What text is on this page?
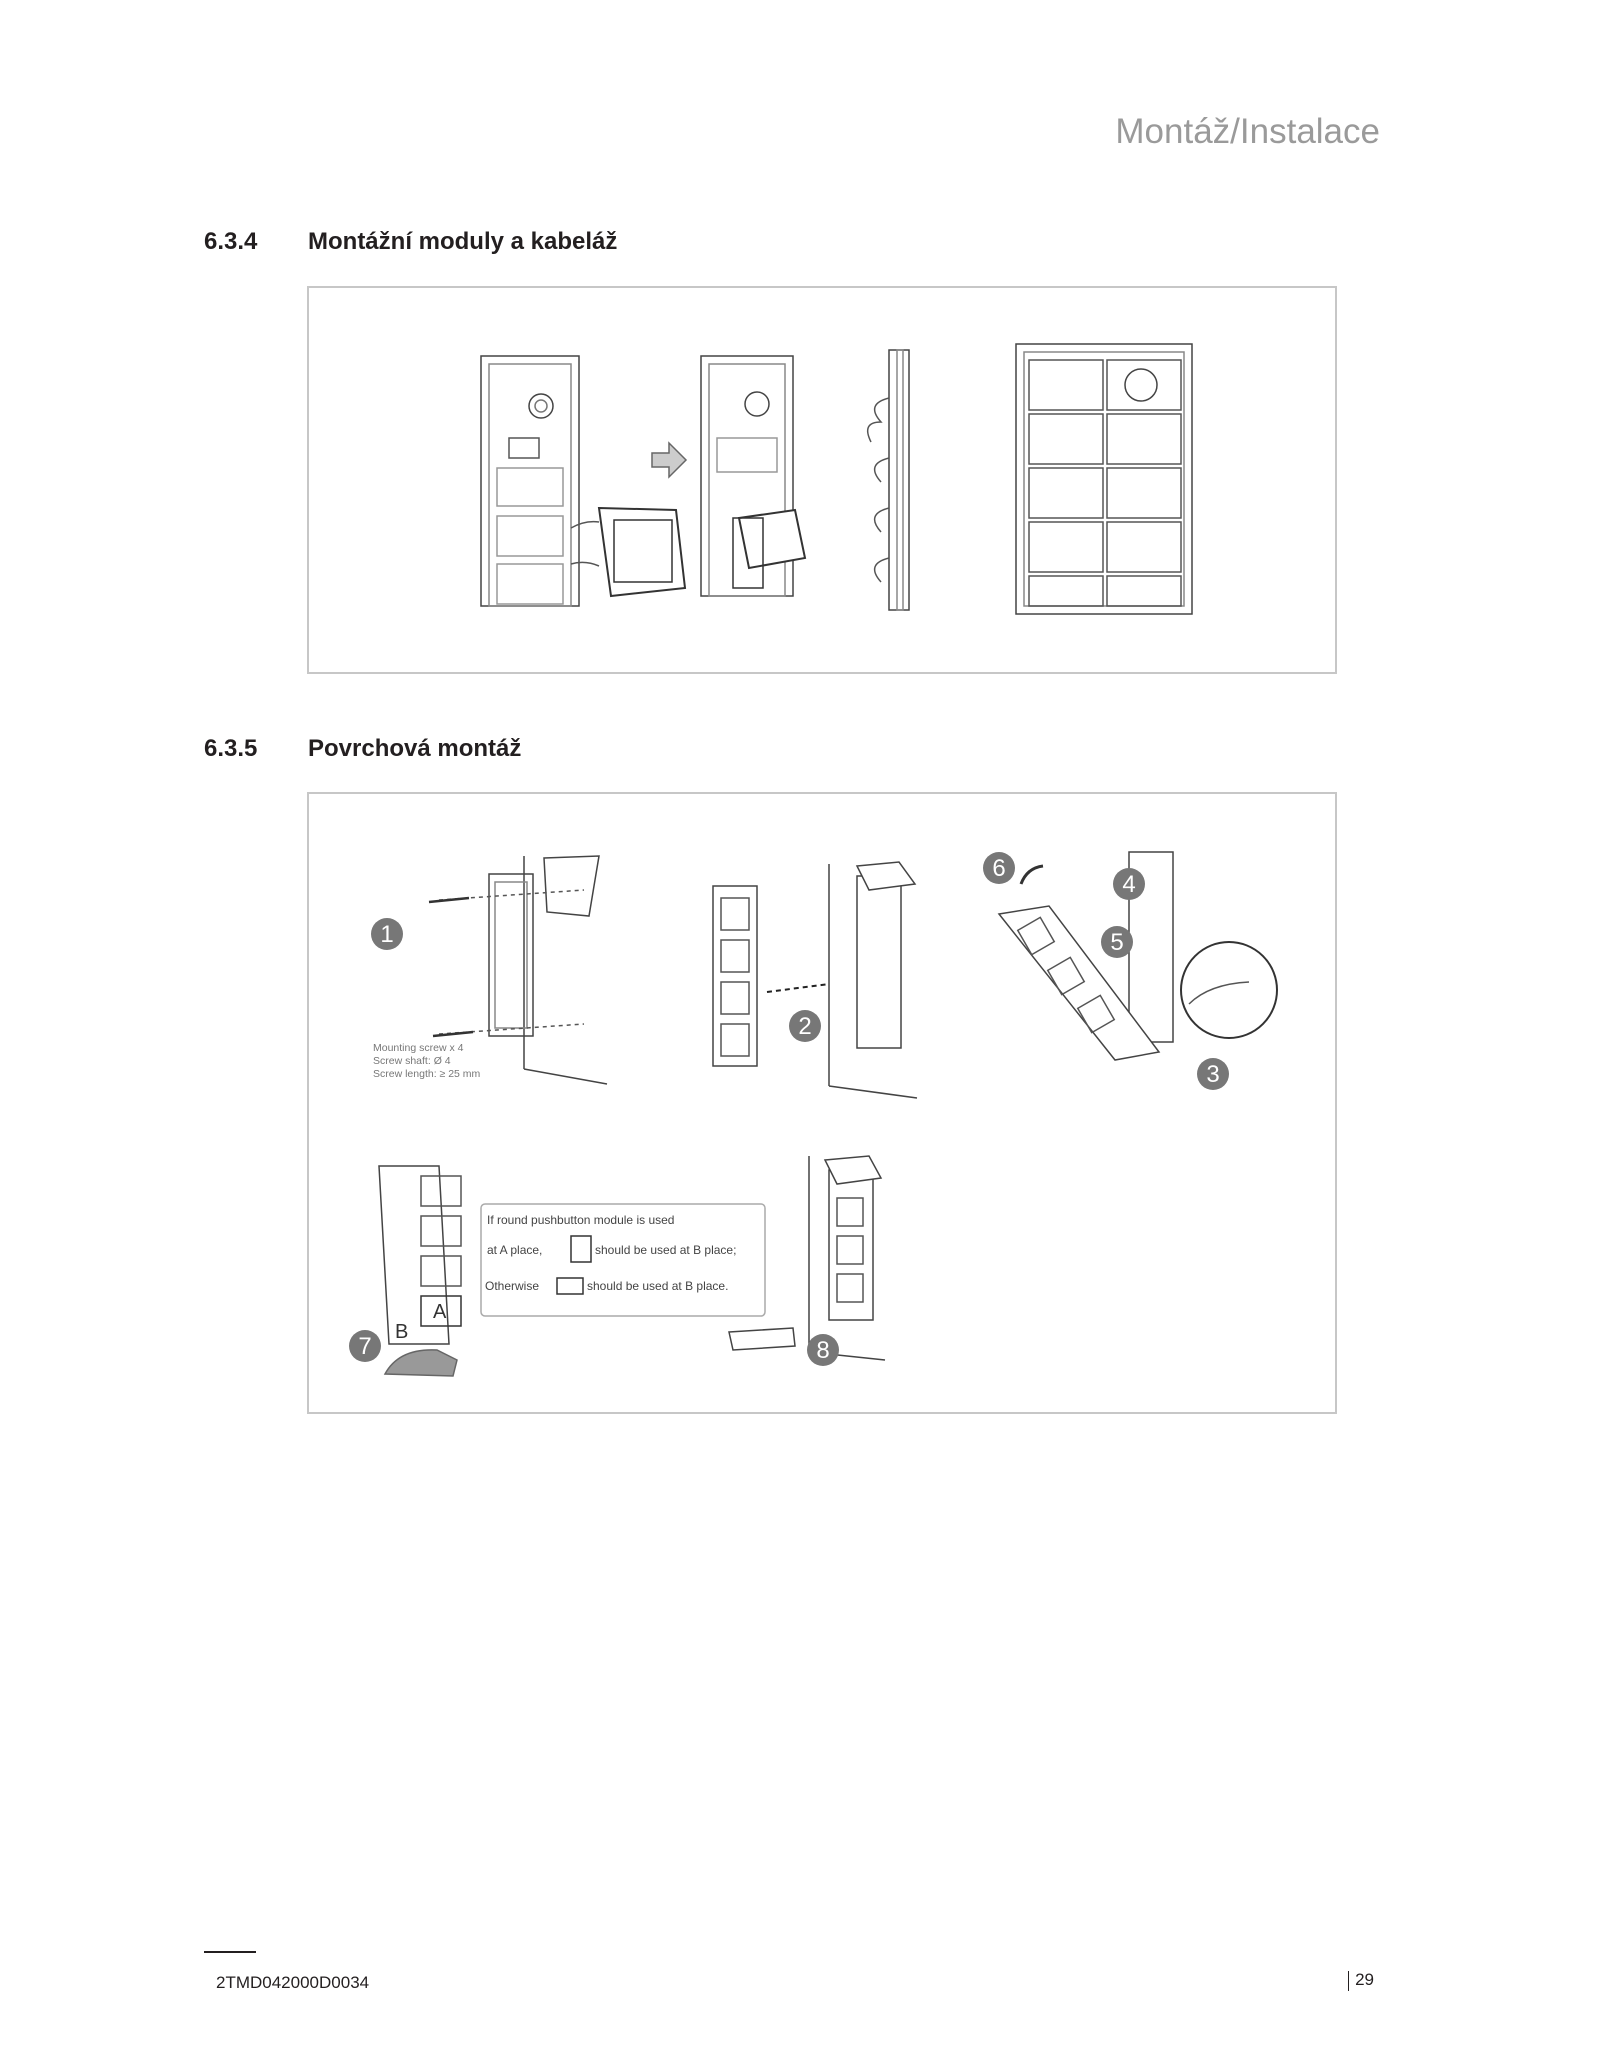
Montáž/Instalace
6.3.4 Montážní moduly a kabeláž
6.3.5 Povrchová montáž
1
2
3
4
5
6
7	8
Mounting screw x 4
Screw shaft: Ø 4
Screw length: ≥ 25 mm
If round pushbutton module is used
at A place,	should be used at B place;
Otherwise	should be used at B place.
A
B
2TMD042000D0034	29
